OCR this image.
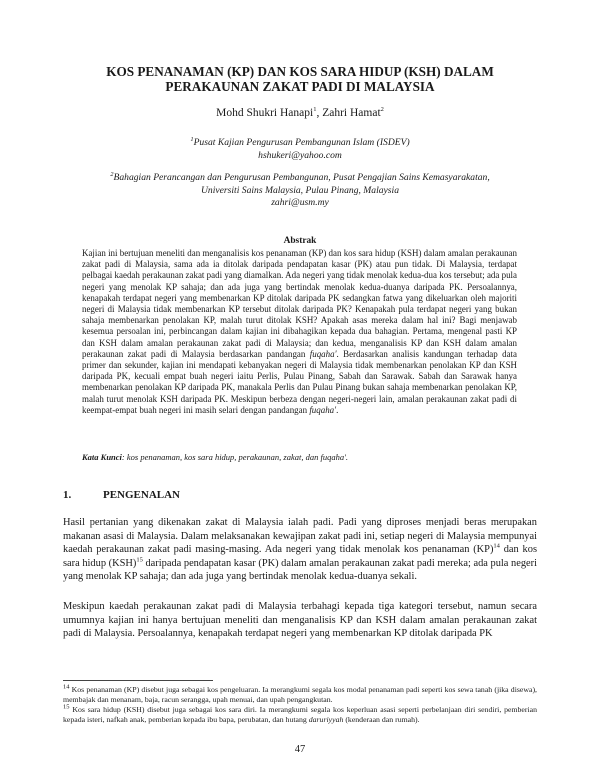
KOS PENANAMAN (KP) DAN KOS SARA HIDUP (KSH) DALAM
PERAKAUNAN ZAKAT PADI DI MALAYSIA
Mohd Shukri Hanapi$^1$, Zahri Hamat$^2$
$^1$Pusat Kajian Pengurusan Pembangunan Islam (ISDEV)
hshukeri@yahoo.com
$^2$Bahagian Perancangan dan Pengurusan Pembangunan, Pusat Pengajian Sains Kemasyarakatan,
Universiti Sains Malaysia, Pulau Pinang, Malaysia
zahri@usm.my
Abstrak
Kajian ini bertujuan meneliti dan menganalisis kos penanaman (KP) dan kos sara hidup (KSH) dalam amalan perakaunan zakat padi di Malaysia, sama ada ia ditolak daripada pendapatan kasar (PK) atau pun tidak. Di Malaysia, terdapat pelbagai kaedah perakaunan zakat padi yang diamalkan. Ada negeri yang tidak menolak kedua-dua kos tersebut; ada pula negeri yang menolak KP sahaja; dan ada juga yang bertindak menolak kedua-duanya daripada PK. Persoalannya, kenapakah terdapat negeri yang membenarkan KP ditolak daripada PK sedangkan fatwa yang dikeluarkan oleh majoriti negeri di Malaysia tidak membenarkan KP tersebut ditolak daripada PK? Kenapakah pula terdapat negeri yang bukan sahaja membenarkan penolakan KP, malah turut ditolak KSH? Apakah asas mereka dalam hal ini? Bagi menjawab kesemua persoalan ini, perbincangan dalam kajian ini dibahagikan kepada dua bahagian. Pertama, mengenal pasti KP dan KSH dalam amalan perakaunan zakat padi di Malaysia; dan kedua, menganalisis KP dan KSH dalam amalan perakaunan zakat padi di Malaysia berdasarkan pandangan fuqaha'. Berdasarkan analisis kandungan terhadap data primer dan sekunder, kajian ini mendapati kebanyakan negeri di Malaysia tidak membenarkan penolakan KP dan KSH daripada PK, kecuali empat buah negeri iaitu Perlis, Pulau Pinang, Sabah dan Sarawak. Sabah dan Sarawak hanya membenarkan penolakan KP daripada PK, manakala Perlis dan Pulau Pinang bukan sahaja membenarkan penolakan KP, malah turut menolak KSH daripada PK. Meskipun berbeza dengan negeri-negeri lain, amalan perakaunan zakat padi di keempat-empat buah negeri ini masih selari dengan pandangan fuqaha'.
Kata Kunci: kos penanaman, kos sara hidup, perakaunan, zakat, dan fuqaha'.
1.	PENGENALAN
Hasil pertanian yang dikenakan zakat di Malaysia ialah padi. Padi yang diproses menjadi beras merupakan makanan asasi di Malaysia. Dalam melaksanakan kewajipan zakat padi ini, setiap negeri di Malaysia mempunyai kaedah perakaunan zakat padi masing-masing. Ada negeri yang tidak menolak kos penanaman (KP)$^{14}$ dan kos sara hidup (KSH)$^{15}$ daripada pendapatan kasar (PK) dalam amalan perakaunan zakat padi mereka; ada pula negeri yang menolak KP sahaja; dan ada juga yang bertindak menolak kedua-duanya sekali.
Meskipun kaedah perakaunan zakat padi di Malaysia terbahagi kepada tiga kategori tersebut, namun secara umumnya kajian ini hanya bertujuan meneliti dan menganalisis KP dan KSH dalam amalan perakaunan zakat padi di Malaysia. Persoalannya, kenapakah terdapat negeri yang membenarkan KP ditolak daripada PK
$^{14}$ Kos penanaman (KP) disebut juga sebagai kos pengeluaran. Ia merangkumi segala kos modal penanaman padi seperti kos sewa tanah (jika disewa), membajak dan menanam, baja, racun serangga, upah menuai, dan upah pengangkutan.
$^{15}$ Kos sara hidup (KSH) disebut juga sebagai kos sara diri. Ia merangkumi segala kos keperluan asasi seperti perbelanjaan diri sendiri, pemberian kepada isteri, nafkah anak, pemberian kepada ibu bapa, perubatan, dan hutang daruriyyah (kenderaan dan rumah).
47
